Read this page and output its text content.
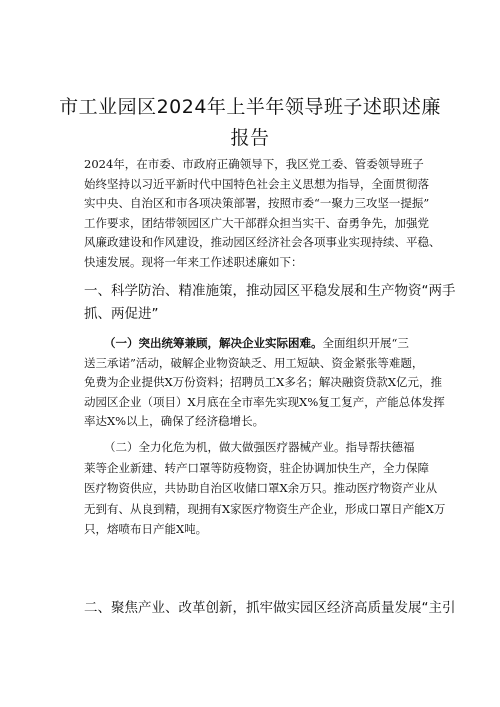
市工业园区2024年上半年领导班子述职述廉
报告
2024年，在市委、市政府正确领导下，我区党工委、管委领导班子
始终坚持以习近平新时代中国特色社会主义思想为指导，全面贯彻落
实中央、自治区和市各项决策部署，按照市委“一聚力三攻坚一提振”
工作要求，团结带领园区广大干部群众担当实干、奋勇争先，加强党
风廉政建设和作风建设，推动园区经济社会各项事业实现持续、平稳、
快速发展。现将一年来工作述职述廉如下：
一、科学防治、精准施策，推动园区平稳发展和生产物资“两手
抓、两促进”
（一）突出统筹兼顾，解决企业实际困难。全面组织开展“三
送三承诺”活动，破解企业物资缺乏、用工短缺、资金紧张等难题，
免费为企业提供X万份资料；招聘员工X多名；解决融资贷款X亿元，推
动园区企业（项目）X月底在全市率先实现X%复工复产，产能总体发挥
率达X%以上，确保了经济稳增长。
（二）全力化危为机，做大做强医疗器械产业。指导帮扶德福
莱等企业新建、转产口罩等防疫物资，驻企协调加快生产，全力保障
医疗物资供应，共协助自治区收储口罩X余万只。推动医疗物资产业从
无到有、从良到精，现拥有X家医疗物资生产企业，形成口罩日产能X万
只，熔喷布日产能X吨。
二、聚焦产业、改革创新，抓牢做实园区经济高质量发展“主引
